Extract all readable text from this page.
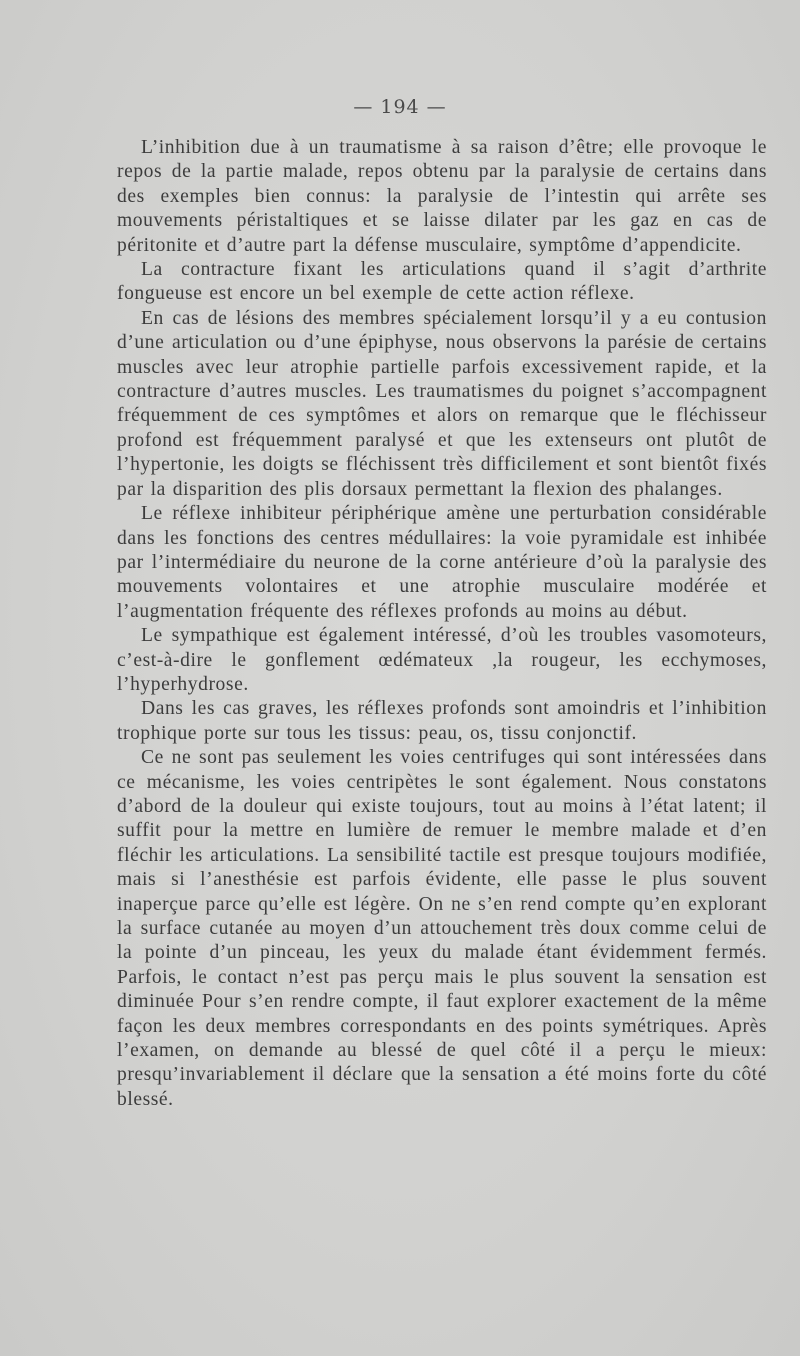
— 194 —

L’inhibition due à un traumatisme à sa raison d’être; elle provoque le repos de la partie malade, repos obtenu par la paralysie de certains dans des exemples bien connus: la paralysie de l’intestin qui arrête ses mouvements péristaltiques et se laisse dilater par les gaz en cas de péritonite et d’autre part la défense musculaire, symptôme d’appendicite.

La contracture fixant les articulations quand il s’agit d’arthrite fongueuse est encore un bel exemple de cette action réflexe.

En cas de lésions des membres spécialement lorsqu’il y a eu contusion d’une articulation ou d’une épiphyse, nous observons la parésie de certains muscles avec leur atrophie partielle parfois excessivement rapide, et la contracture d’autres muscles. Les traumatismes du poignet s’accompagnent fréquemment de ces symptômes et alors on remarque que le fléchisseur profond est fréquemment paralysé et que les extenseurs ont plutôt de l’hypertonie, les doigts se fléchissent très difficilement et sont bientôt fixés par la disparition des plis dorsaux permettant la flexion des phalanges.

Le réflexe inhibiteur périphérique amène une perturbation considérable dans les fonctions des centres médullaires: la voie pyramidale est inhibée par l’intermédiaire du neurone de la corne antérieure d’où la paralysie des mouvements volontaires et une atrophie musculaire modérée et l’augmentation fréquente des réflexes profonds au moins au début.

Le sympathique est également intéressé, d’où les troubles vasomoteurs, c’est-à-dire le gonflement œdémateux ,la rougeur, les ecchymoses, l’hyperhydrose.

Dans les cas graves, les réflexes profonds sont amoindris et l’inhibition trophique porte sur tous les tissus: peau, os, tissu conjonctif.

Ce ne sont pas seulement les voies centrifuges qui sont intéressées dans ce mécanisme, les voies centripètes le sont également. Nous constatons d’abord de la douleur qui existe toujours, tout au moins à l’état latent; il suffit pour la mettre en lumière de remuer le membre malade et d’en fléchir les articulations. La sensibilité tactile est presque toujours modifiée, mais si l’anesthésie est parfois évidente, elle passe le plus souvent inaperçue parce qu’elle est légère. On ne s’en rend compte qu’en explorant la surface cutanée au moyen d’un attouchement très doux comme celui de la pointe d’un pinceau, les yeux du malade étant évidemment fermés. Parfois, le contact n’est pas perçu mais le plus souvent la sensation est diminuée Pour s’en rendre compte, il faut explorer exactement de la même façon les deux membres correspondants en des points symétriques. Après l’examen, on demande au blessé de quel côté il a perçu le mieux: presqu’invariablement il déclare que la sensation a été moins forte du côté blessé.
